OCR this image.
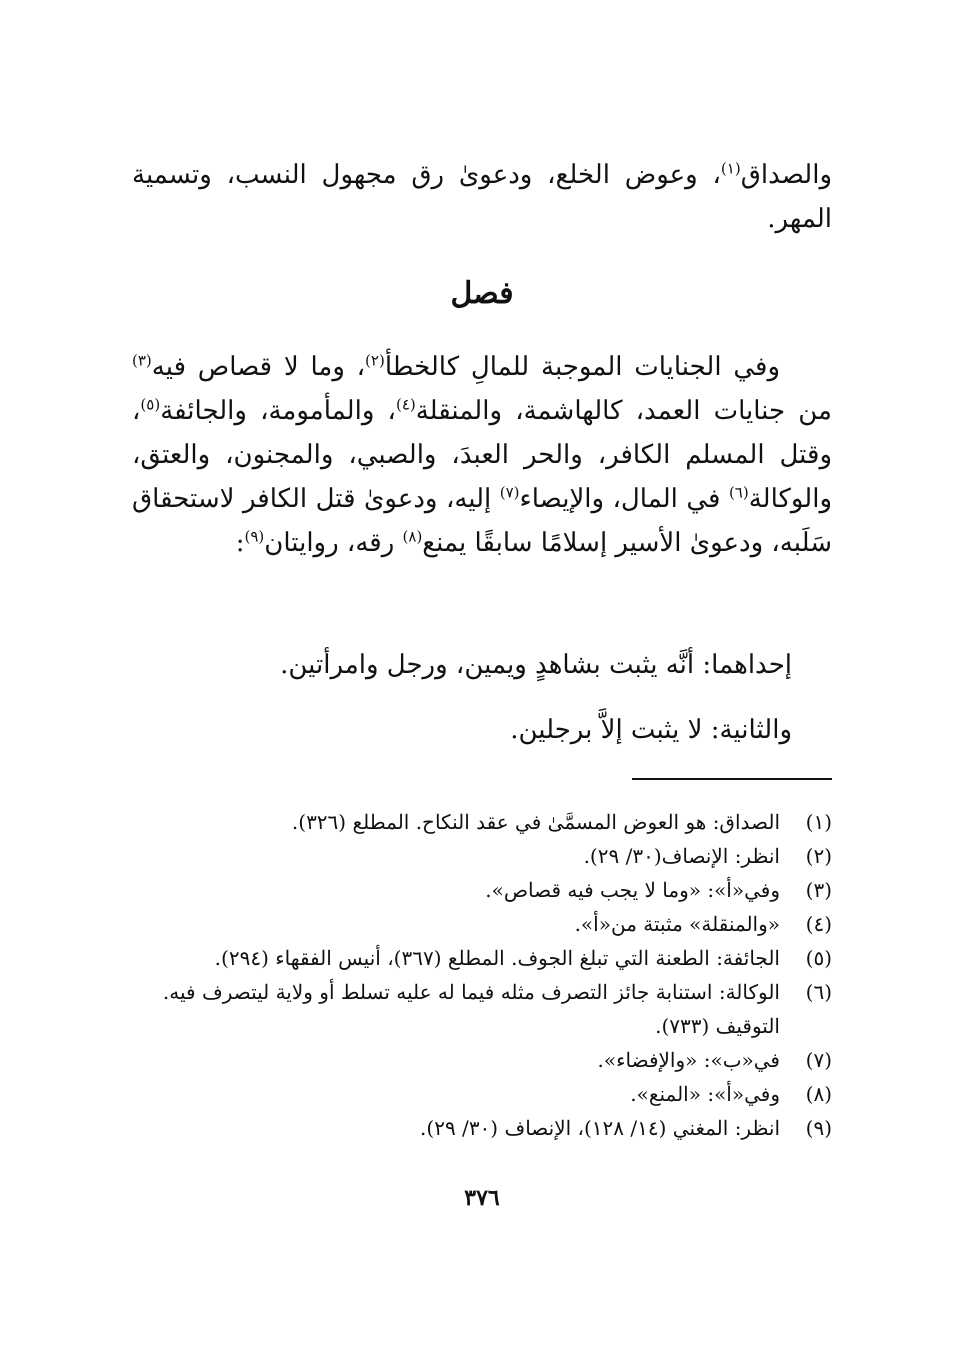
والصداق$^{(١)}$، وعوض الخلع، ودعوىٰ رق مجهول النسب، وتسمية المهر.

فصل

وفي الجنايات الموجبة للمالِ كالخطأ$^{(٢)}$، وما لا قصاص فيه$^{(٣)}$ من جنايات العمد، كالهاشمة، والمنقلة$^{(٤)}$، والمأمومة، والجائفة$^{(٥)}$، وقتل المسلم الكافر، والحر العبدَ، والصبي، والمجنون، والعتق، والوكالة$^{(٦)}$ في المال، والإيصاء$^{(٧)}$ إليه، ودعوىٰ قتل الكافر لاستحقاق سَلَبه، ودعوىٰ الأسير إسلامًا سابقًا يمنع$^{(٨)}$ رقه، روايتان$^{(٩)}$:

إحداهما: أنَّه يثبت بشاهدٍ ويمين، ورجل وامرأتين.

والثانية: لا يثبت إلاَّ برجلين.

(١)
الصداق: هو العوض المسمَّىٰ في عقد النكاح. المطلع (٣٢٦).
(٢)
انظر: الإنصاف(٣٠/ ٢٩).
(٣)
وفي«أ»: «وما لا يجب فيه قصاص».
(٤)
«والمنقلة» مثبتة من«أ».
(٥)
الجائفة: الطعنة التي تبلغ الجوف. المطلع (٣٦٧)، أنيس الفقهاء (٢٩٤).
(٦)
الوكالة: استنابة جائز التصرف مثله فيما له عليه تسلط أو ولاية ليتصرف فيه. التوقيف (٧٣٣).
(٧)
في«ب»: «والإفضاء».
(٨)
وفي«أ»: «المنع».
(٩)
انظر: المغني (١٤/ ١٢٨)، الإنصاف (٣٠/ ٢٩).
٣٧٦
